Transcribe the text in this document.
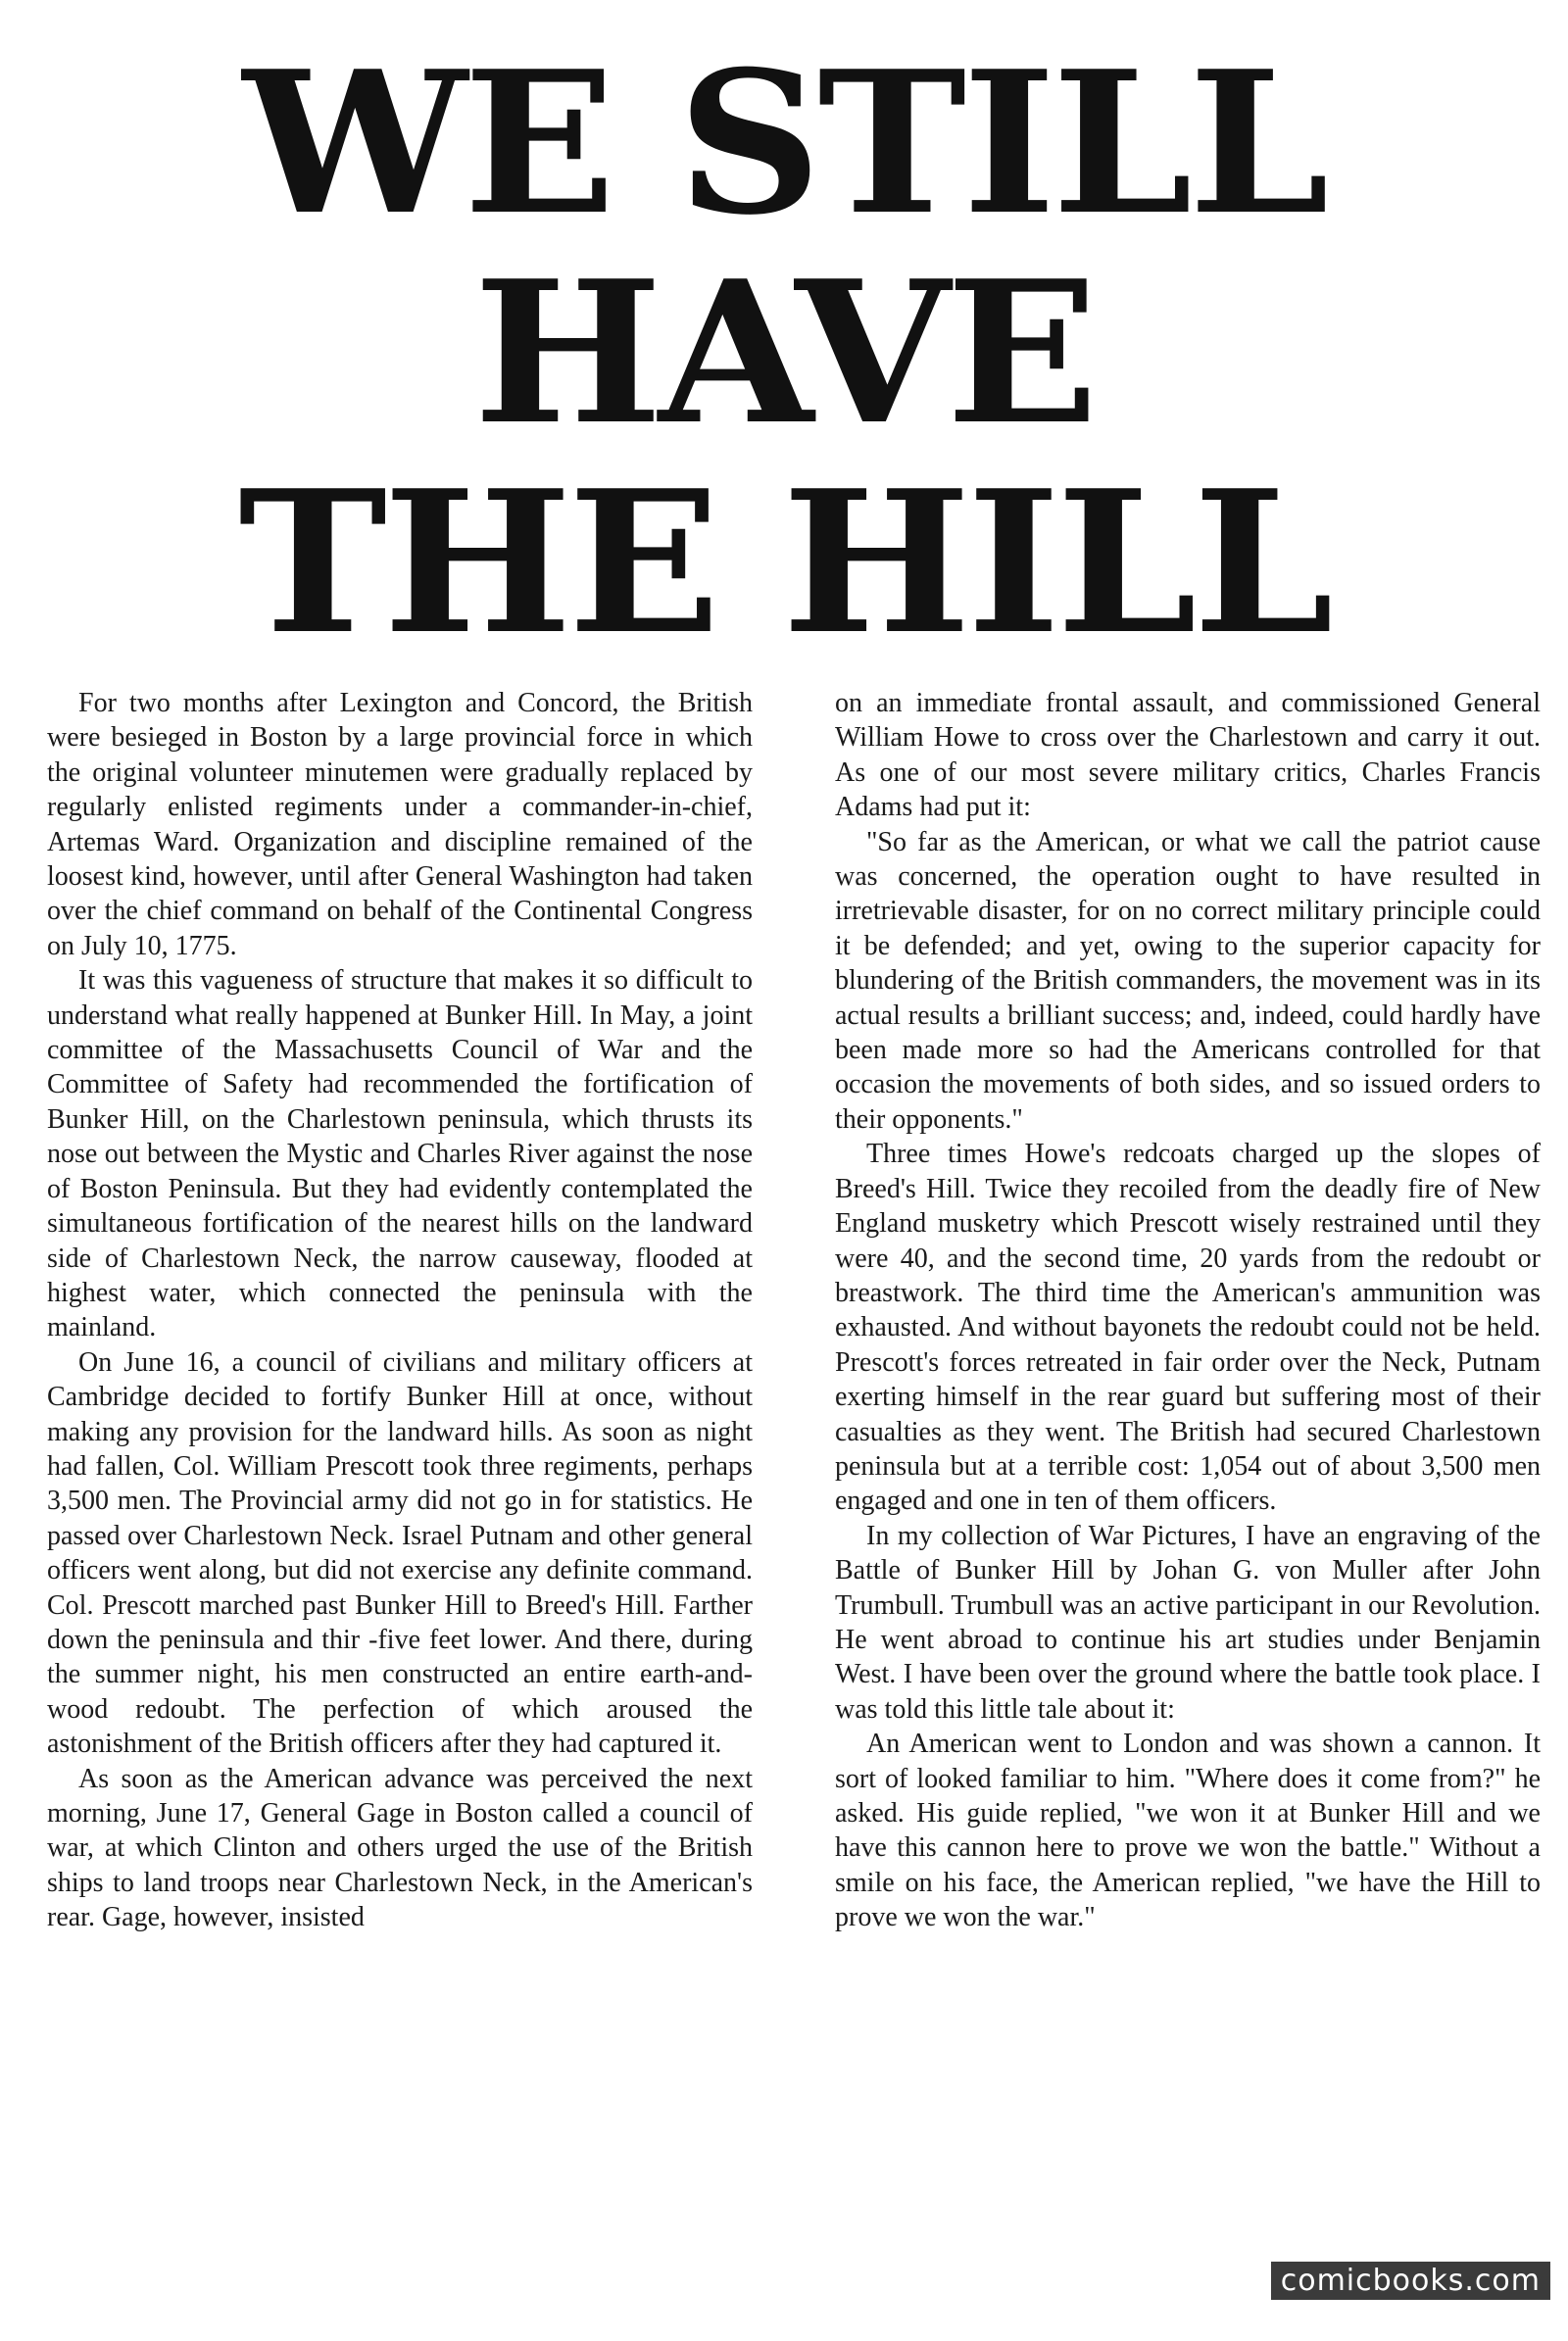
WE STILL
HAVE
THE HILL

For two months after Lexington and Concord, the British were besieged in Boston by a large provincial force in which the original volunteer minutemen were gradually replaced by regularly enlisted regiments under a commander-in-chief, Artemas Ward. Organization and discipline remained of the loosest kind, however, until after General Washington had taken over the chief command on behalf of the Continental Congress on July 10, 1775.

It was this vagueness of structure that makes it so difficult to understand what really happened at Bunker Hill. In May, a joint committee of the Massachusetts Council of War and the Committee of Safety had recommended the fortification of Bunker Hill, on the Charlestown peninsula, which thrusts its nose out between the Mystic and Charles River against the nose of Boston Peninsula. But they had evidently contemplated the simultaneous fortification of the nearest hills on the landward side of Charlestown Neck, the narrow causeway, flooded at highest water, which connected the peninsula with the mainland.

On June 16, a council of civilians and military officers at Cambridge decided to fortify Bunker Hill at once, without making any provision for the landward hills. As soon as night had fallen, Col. William Prescott took three regiments, perhaps 3,500 men. The Provincial army did not go in for statistics. He passed over Charlestown Neck. Israel Putnam and other general officers went along, but did not exercise any definite command. Col. Prescott marched past Bunker Hill to Breed's Hill. Farther down the peninsula and thir -five feet lower. And there, during the summer night, his men constructed an entire earth-and-wood redoubt. The perfection of which aroused the astonishment of the British officers after they had captured it.

As soon as the American advance was perceived the next morning, June 17, General Gage in Boston called a council of war, at which Clinton and others urged the use of the British ships to land troops near Charlestown Neck, in the American's rear. Gage, however, insisted

on an immediate frontal assault, and commissioned General William Howe to cross over the Charlestown and carry it out. As one of our most severe military critics, Charles Francis Adams had put it:

"So far as the American, or what we call the patriot cause was concerned, the operation ought to have resulted in irretrievable disaster, for on no correct military principle could it be defended; and yet, owing to the superior capacity for blundering of the British commanders, the movement was in its actual results a brilliant success; and, indeed, could hardly have been made more so had the Americans controlled for that occasion the movements of both sides, and so issued orders to their opponents."

Three times Howe's redcoats charged up the slopes of Breed's Hill. Twice they recoiled from the deadly fire of New England musketry which Prescott wisely restrained until they were 40, and the second time, 20 yards from the redoubt or breastwork. The third time the American's ammunition was exhausted. And without bayonets the redoubt could not be held. Prescott's forces retreated in fair order over the Neck, Putnam exerting himself in the rear guard but suffering most of their casualties as they went. The British had secured Charlestown peninsula but at a terrible cost: 1,054 out of about 3,500 men engaged and one in ten of them officers.

In my collection of War Pictures, I have an engraving of the Battle of Bunker Hill by Johan G. von Muller after John Trumbull. Trumbull was an active participant in our Revolution. He went abroad to continue his art studies under Benjamin West. I have been over the ground where the battle took place. I was told this little tale about it:

An American went to London and was shown a cannon. It sort of looked familiar to him. "Where does it come from?" he asked. His guide replied, "we won it at Bunker Hill and we have this cannon here to prove we won the battle." Without a smile on his face, the American replied, "we have the Hill to prove we won the war."

comicbooks.com
